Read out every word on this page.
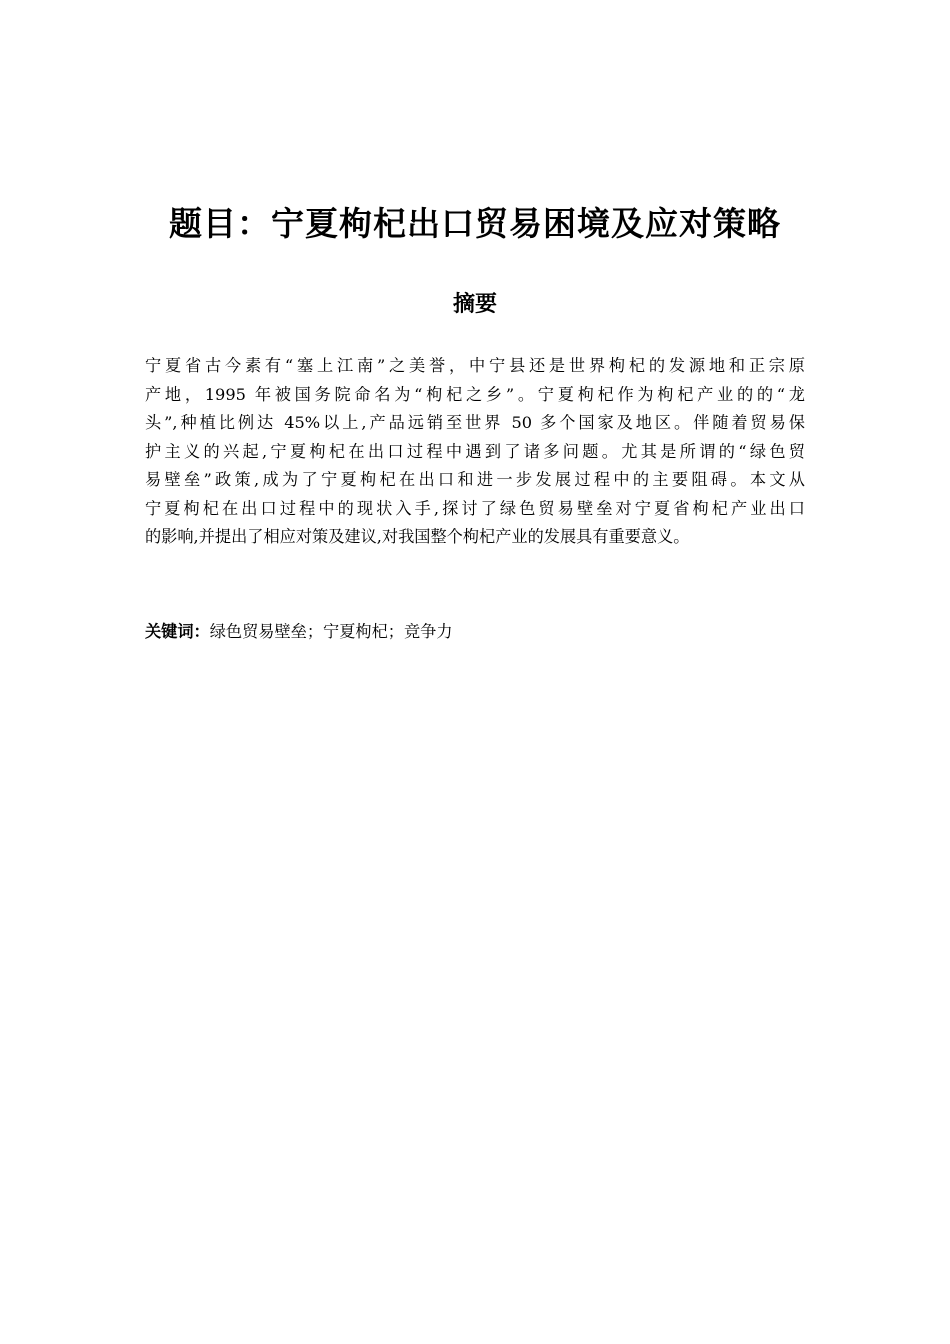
题目：宁夏枸杞出口贸易困境及应对策略
摘要

宁夏省古今素有“塞上江南”之美誉，中宁县还是世界枸杞的发源地和正宗原
产地，1995 年被国务院命名为“枸杞之乡”。宁夏枸杞作为枸杞产业的的“龙
头”,种植比例达 45%以上,产品远销至世界 50 多个国家及地区。伴随着贸易保
护主义的兴起,宁夏枸杞在出口过程中遇到了诸多问题。尤其是所谓的“绿色贸
易壁垒”政策,成为了宁夏枸杞在出口和进一步发展过程中的主要阻碍。本文从
宁夏枸杞在出口过程中的现状入手,探讨了绿色贸易壁垒对宁夏省枸杞产业出口
的影响,并提出了相应对策及建议,对我国整个枸杞产业的发展具有重要意义。

关键词：绿色贸易壁垒；宁夏枸杞；竞争力
